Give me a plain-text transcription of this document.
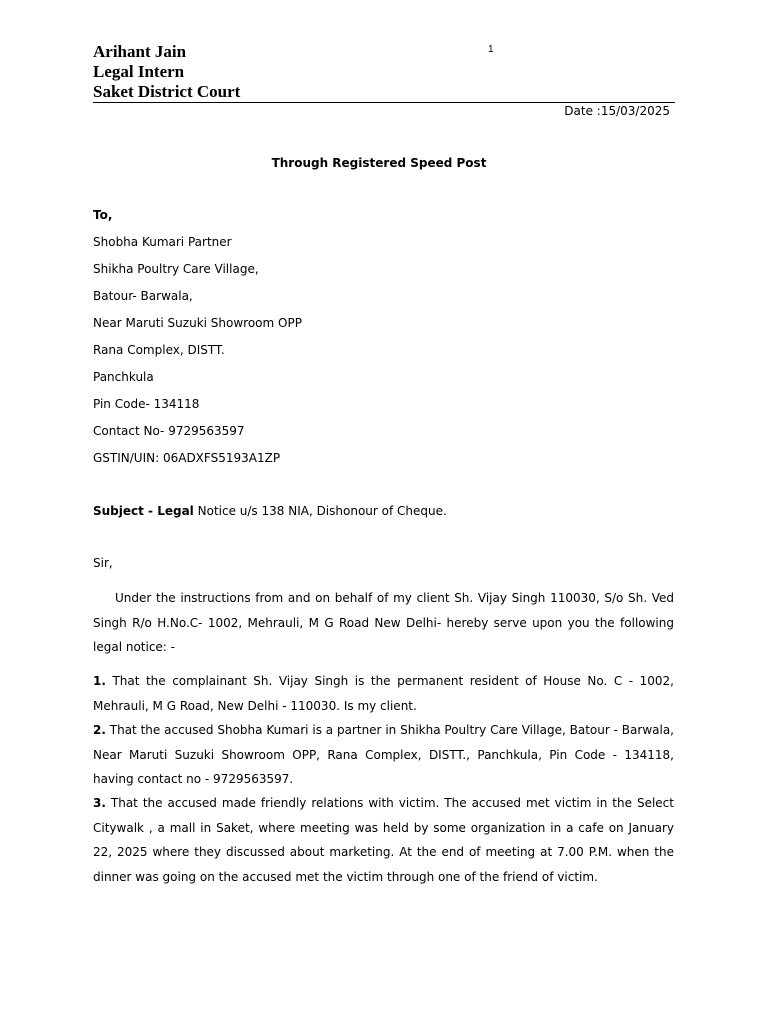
Arihant Jain
Legal Intern
Saket District Court
1
Date :15/03/2025
Through Registered Speed Post
To,
Shobha Kumari Partner
Shikha Poultry Care Village,
Batour- Barwala,
Near Maruti Suzuki Showroom OPP
Rana Complex, DISTT.
Panchkula
Pin Code- 134118
Contact No- 9729563597
GSTIN/UIN: 06ADXFS5193A1ZP
Subject - Legal Notice u/s 138 NIA, Dishonour of Cheque.
Sir,
Under the instructions from and on behalf of my client Sh. Vijay Singh 110030, S/o Sh. Ved Singh R/o H.No.C- 1002, Mehrauli, M G Road New Delhi- hereby serve upon you the following legal notice: -
1. That the complainant Sh. Vijay Singh is the permanent resident of House No. C - 1002, Mehrauli, M G Road, New Delhi - 110030. Is my client.
2. That the accused Shobha Kumari is a partner in Shikha Poultry Care Village, Batour - Barwala, Near Maruti Suzuki Showroom OPP, Rana Complex, DISTT., Panchkula, Pin Code - 134118, having contact no - 9729563597.
3. That the accused made friendly relations with victim. The accused met victim in the Select Citywalk , a mall in Saket, where meeting was held by some organization in a cafe on January 22, 2025 where they discussed about marketing. At the end of meeting at 7.00 P.M. when the dinner was going on the accused met the victim through one of the friend of victim.
